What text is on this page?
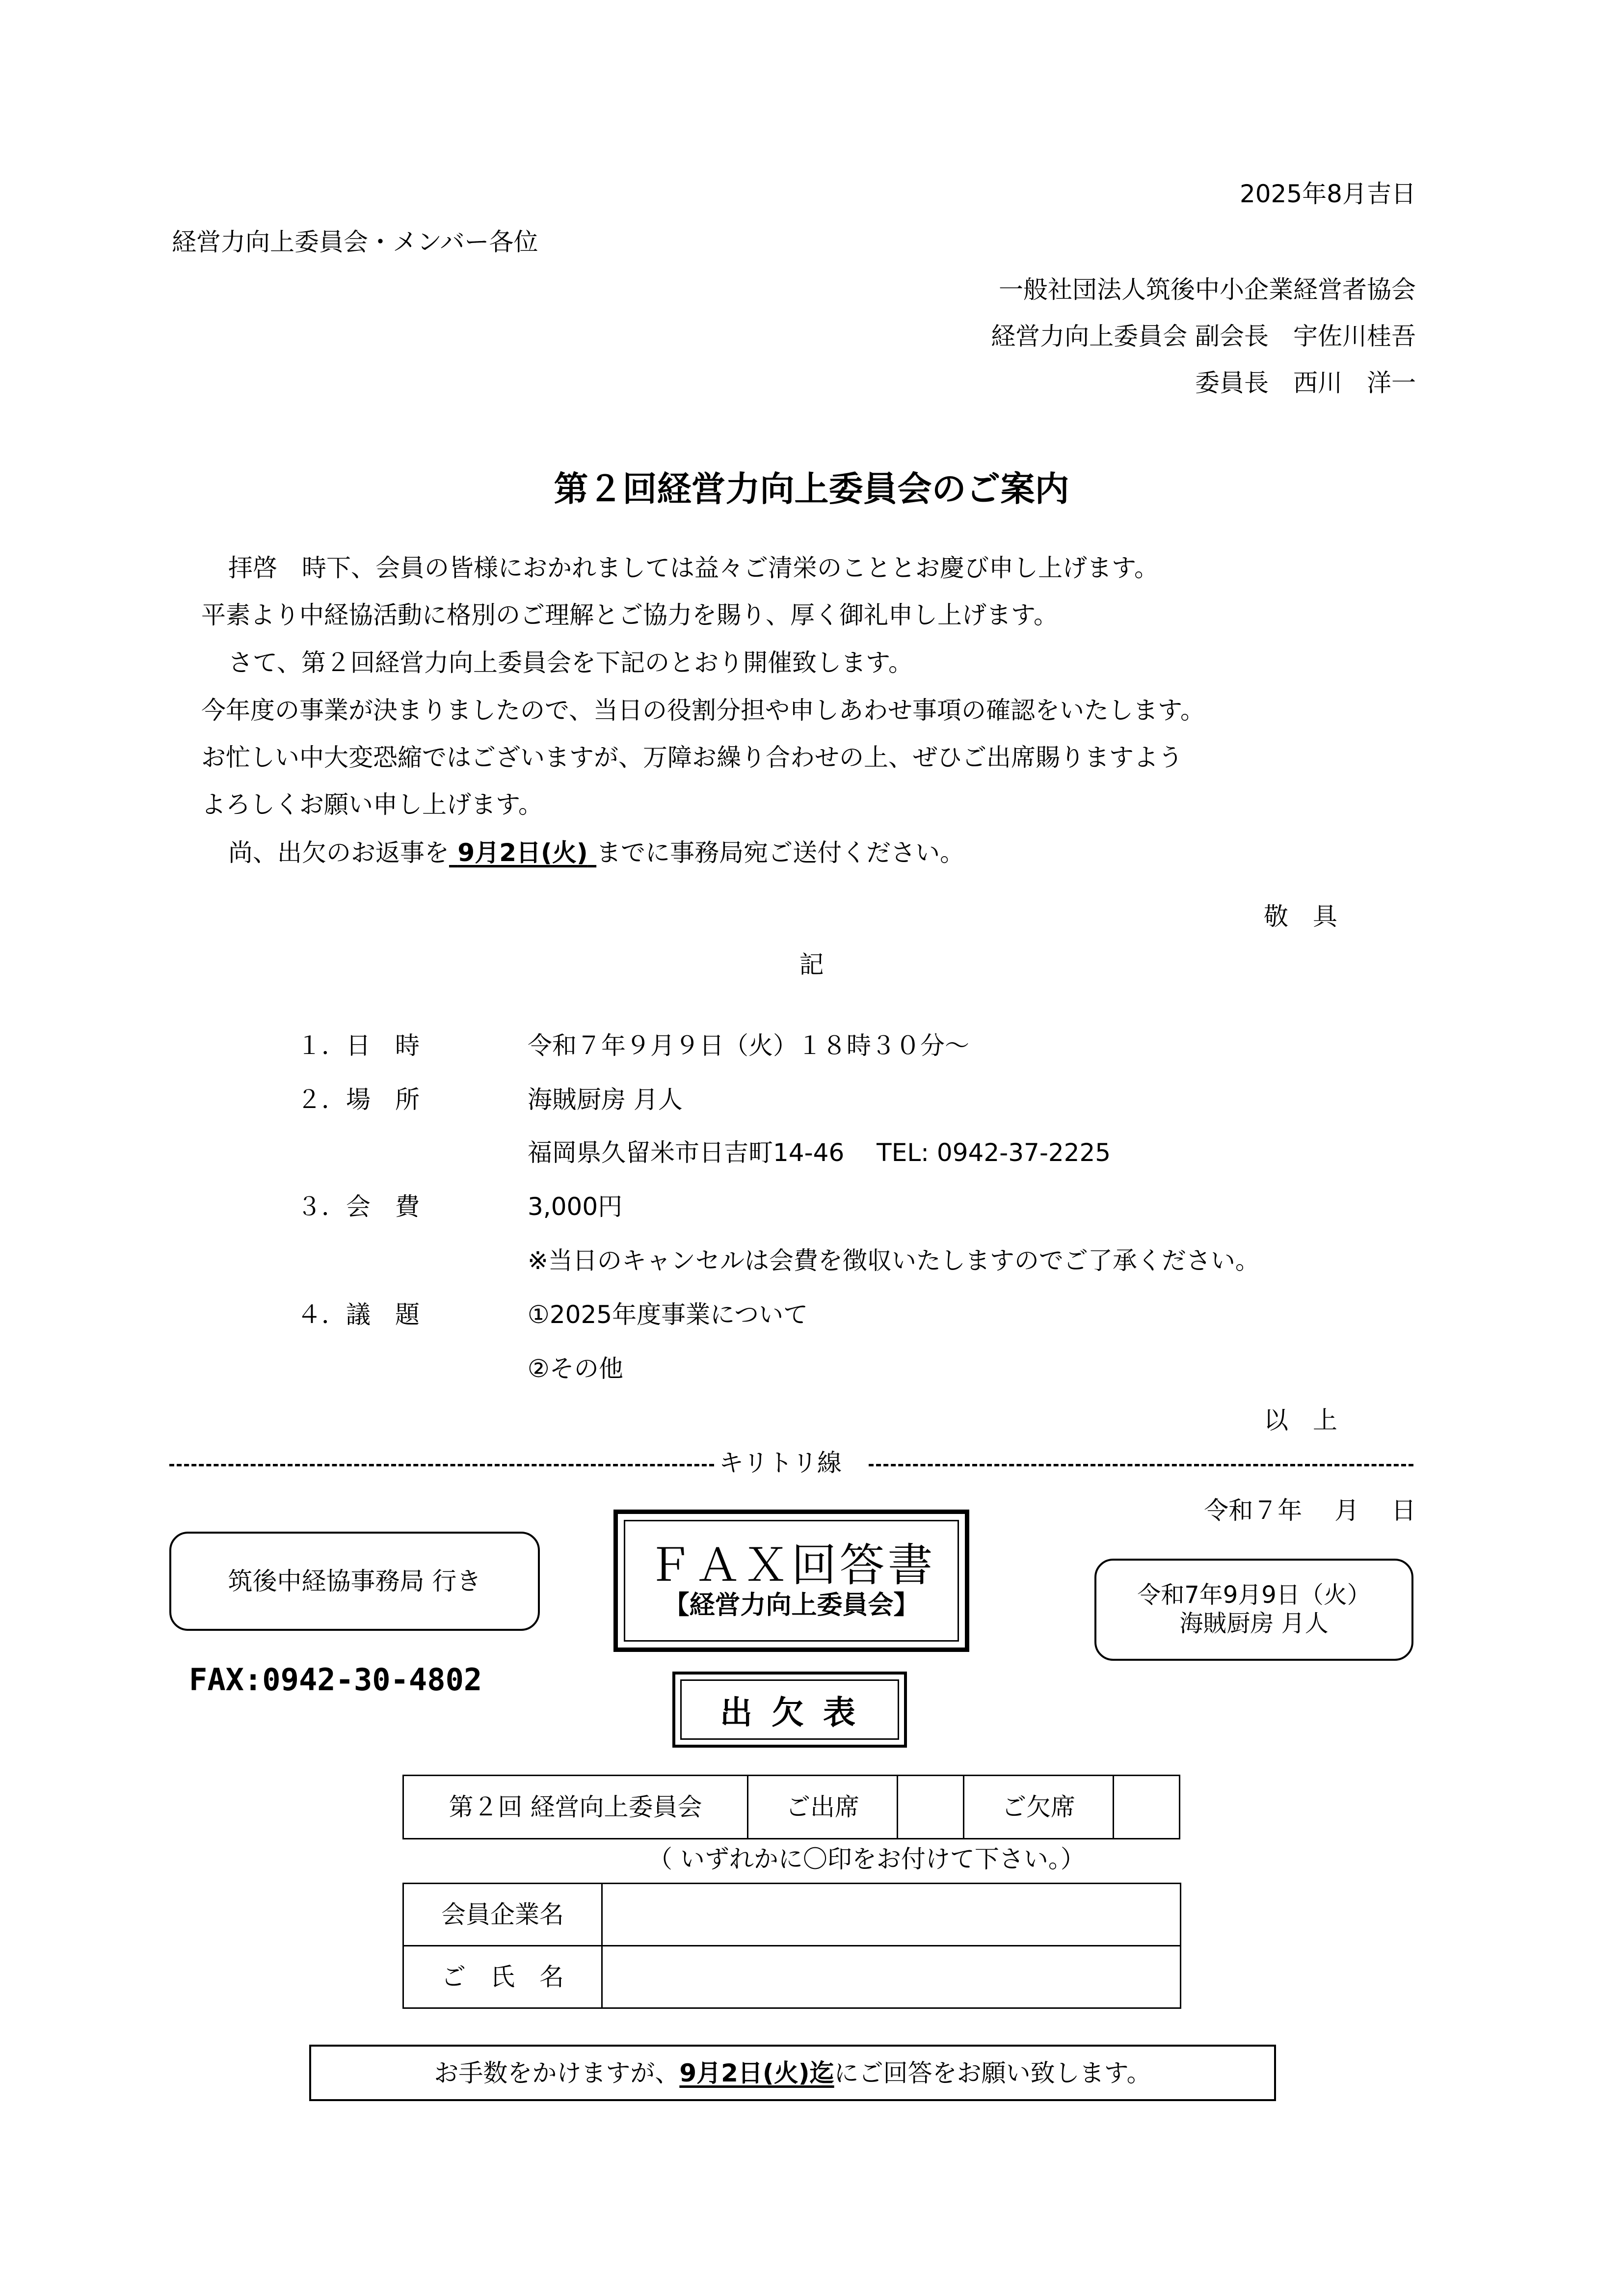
2025年8月吉日
経営力向上委員会・メンバー各位
一般社団法人筑後中小企業経営者協会
経営力向上委員会 副会長　宇佐川桂吾
委員長　西川　洋一
第２回経営力向上委員会のご案内
拝啓　時下、会員の皆様におかれましては益々ご清栄のこととお慶び申し上げます。
平素より中経協活動に格別のご理解とご協力を賜り、厚く御礼申し上げます。
さて、第２回経営力向上委員会を下記のとおり開催致します。
今年度の事業が決まりましたので、当日の役割分担や申しあわせ事項の確認をいたします。
お忙しい中大変恐縮ではございますが、万障お繰り合わせの上、ぜひご出席賜りますよう
よろしくお願い申し上げます。
尚、出欠のお返事を 9月2日(火) までに事務局宛ご送付ください。
敬　具
記
１．日　時	令和７年９月９日（火）１８時３０分～
２．場　所	海賊厨房 月人
福岡県久留米市日吉町14-46　 TEL: 0942-37-2225
３．会　費	3,000円
※当日のキャンセルは会費を徴収いたしますのでご了承ください。
４．議　題	①2025年度事業について
②その他
以　上
キリトリ線
令和７年　 月　 日
筑後中経協事務局 行き	ＦＡＸ回答書
【経営力向上委員会】	令和7年9月9日（火）
海賊厨房 月人
FAX:0942-30-4802
出 欠 表
第２回 経営向上委員会	ご出席	ご欠席
（ いずれかに〇印をお付けて下さい。）
会員企業名
ご　氏　名
お手数をかけますが、9月2日(火)迄にご回答をお願い致します。
